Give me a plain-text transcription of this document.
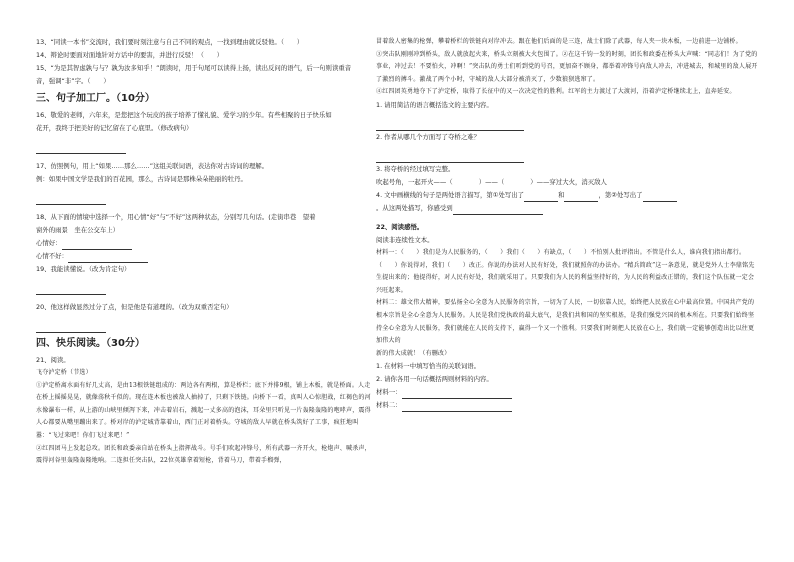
13、“同读一本书”交流时，我们要时刻注意与自己不同的观点，一找到理由就反驳他。（　　）

14、辩论时要面对面地针对方话中的要害，并进行反驳！（　　）

15、“为是其智虑孰与与？孰为汝多知乎！”朗读时，用于句尾可以读得上扬，读出反问的语气，后一句则读重音

音，强调“非”字。（　　）

三、句子加工厂。（10分）

16、敬爱的老师，六年来，是您把这个玩皮的孩子培养了懂礼貌、爱学习的少年。有些相聚的日子快乐如

花开，我终于把美好的记忆留在了心底里。（修改病句）

17、仿照例句，用上“如果……那么……”这组关联词语，表达你对古诗词的理解。

例：如果中国文学是我们的百花园，那么，古诗词是那株朵朵艳丽的牡丹。

18、从下面的情境中选择一个，用心情“好”与“不好”这两种状态，分别写几句话。(走街串巷　望着

窗外的雨景　坐在公交车上）

心情好：

心情不好：

19、我能读懂说。（改为肯定句）

20、他这样做显然过分了点，但是他是有道理的。（改为双重否定句）

四、快乐阅读。（30分）

21、阅读。

飞夺泸定桥（节选）

①泸定桥离水面有好几丈高，是由13根铁链组成的：两边各有两根，算是桥栏；底下并排9根，铺上木板，就是桥面。人走在桥上摇摇晃晃，就像荡秋千似的。现在连木板也被敌人抽掉了，只剩下铁链。向桥下一看，真叫人心惊胆战，红褐色的河水像瀑布一样，从上游的山峡里倾泻下来，冲击着岩石，溅起一丈多高的泡沫，耳朵里只听见一片轰隆轰隆的咆哮声，震得人心都要从嘴里蹦出来了。桥对岸的泸定城背靠着山，西门正对着桥头。守城的敌人早就在桥头筑好了工事，疯狂地叫嚣：“飞过来吧！你们飞过来吧！”

②红四团马上发起总攻。团长和政委亲自站在桥头上指挥战斗。号手们吹起冲锋号，所有武器一齐开火，枪炮声、喊杀声，震得河谷里轰隆轰隆地响。二连担任突击队，22位英雄拿着短枪，背着马刀，带着手榴弹，

冒着敌人密集的枪弹，攀着桥栏的铁链向对岸冲去。跟在他们后面的是三连，战士们除了武器，每人夹一块木板，一边前进一边铺桥。

③突击队刚刚冲到桥头，敌人就放起火来，桥头立刻被大火包围了。②在这千钧一发的时刻，团长和政委在桥头大声喊：“同志们！为了党的事业，冲过去！不要怕火，冲啊！”突击队的勇士们听到党的号召，更加奋不顾身，都举着冲锋号向敌人冲去，冲进城去，和城里的敌人展开了激烈的搏斗。激战了两个小时，守城的敌人大部分被消灭了，少数狼狈逃窜了。

④红四团英勇地夺下了泸定桥，取得了长征中的又一次决定性的胜利。红军的主力渡过了大渡河，沿着泸定桥继续北上，直奔延安。

1. 请用简洁的语言概括选文的主要内容。

2. 作者从哪几个方面写了夺桥之难？

3. 将夺桥的经过填写完整。

吹起号角，一起开火——（	）——（	）——穿过大火，消灭敌人

4. 文中画横线的句子是两处语言描写，第①处写出了	和	，第②处写出了

。从这两处描写，你感受到

22、阅读感悟。

阅读非连续性文本。

材料一：（　　）我们是为人民服务的，（　　）我们（　　）有缺点，（　　）不怕别人批评指出。不管是什么人，谁向我们指出都行。（　　）你说得对，我们（　　）改正。你说的办法对人民有好处，我们就照你的办法办。“精兵简政”这一条意见，就是党外人士李鼎铭先生提出来的；他提得好，对人民有好处，我们就采用了。只要我们为人民的利益坚持好的，为人民的利益改正错的，我们这个队伍就一定会兴旺起来。

材料二：雄文伟大精神，要弘扬全心全意为人民服务的宗旨，一切为了人民，一切依靠人民，始终把人民放在心中最高位置。中国共产党的根本宗旨是全心全意为人民服务。人民是我们党执政的最大底气，是我们共和国的坚实根基，是我们强党兴国的根本所在。只要我们始终坚持全心全意为人民服务，我们就能在人民的支持下，赢得一个又一个胜利。只要我们时刻把人民放在心上，我们就一定能够创造出比以往更加伟大的

新的伟大成就！（有删改）

1. 在材料一中填写恰当的关联词语。

2. 请你各用一句话概括两则材料的内容。

材料一：

材料二：
